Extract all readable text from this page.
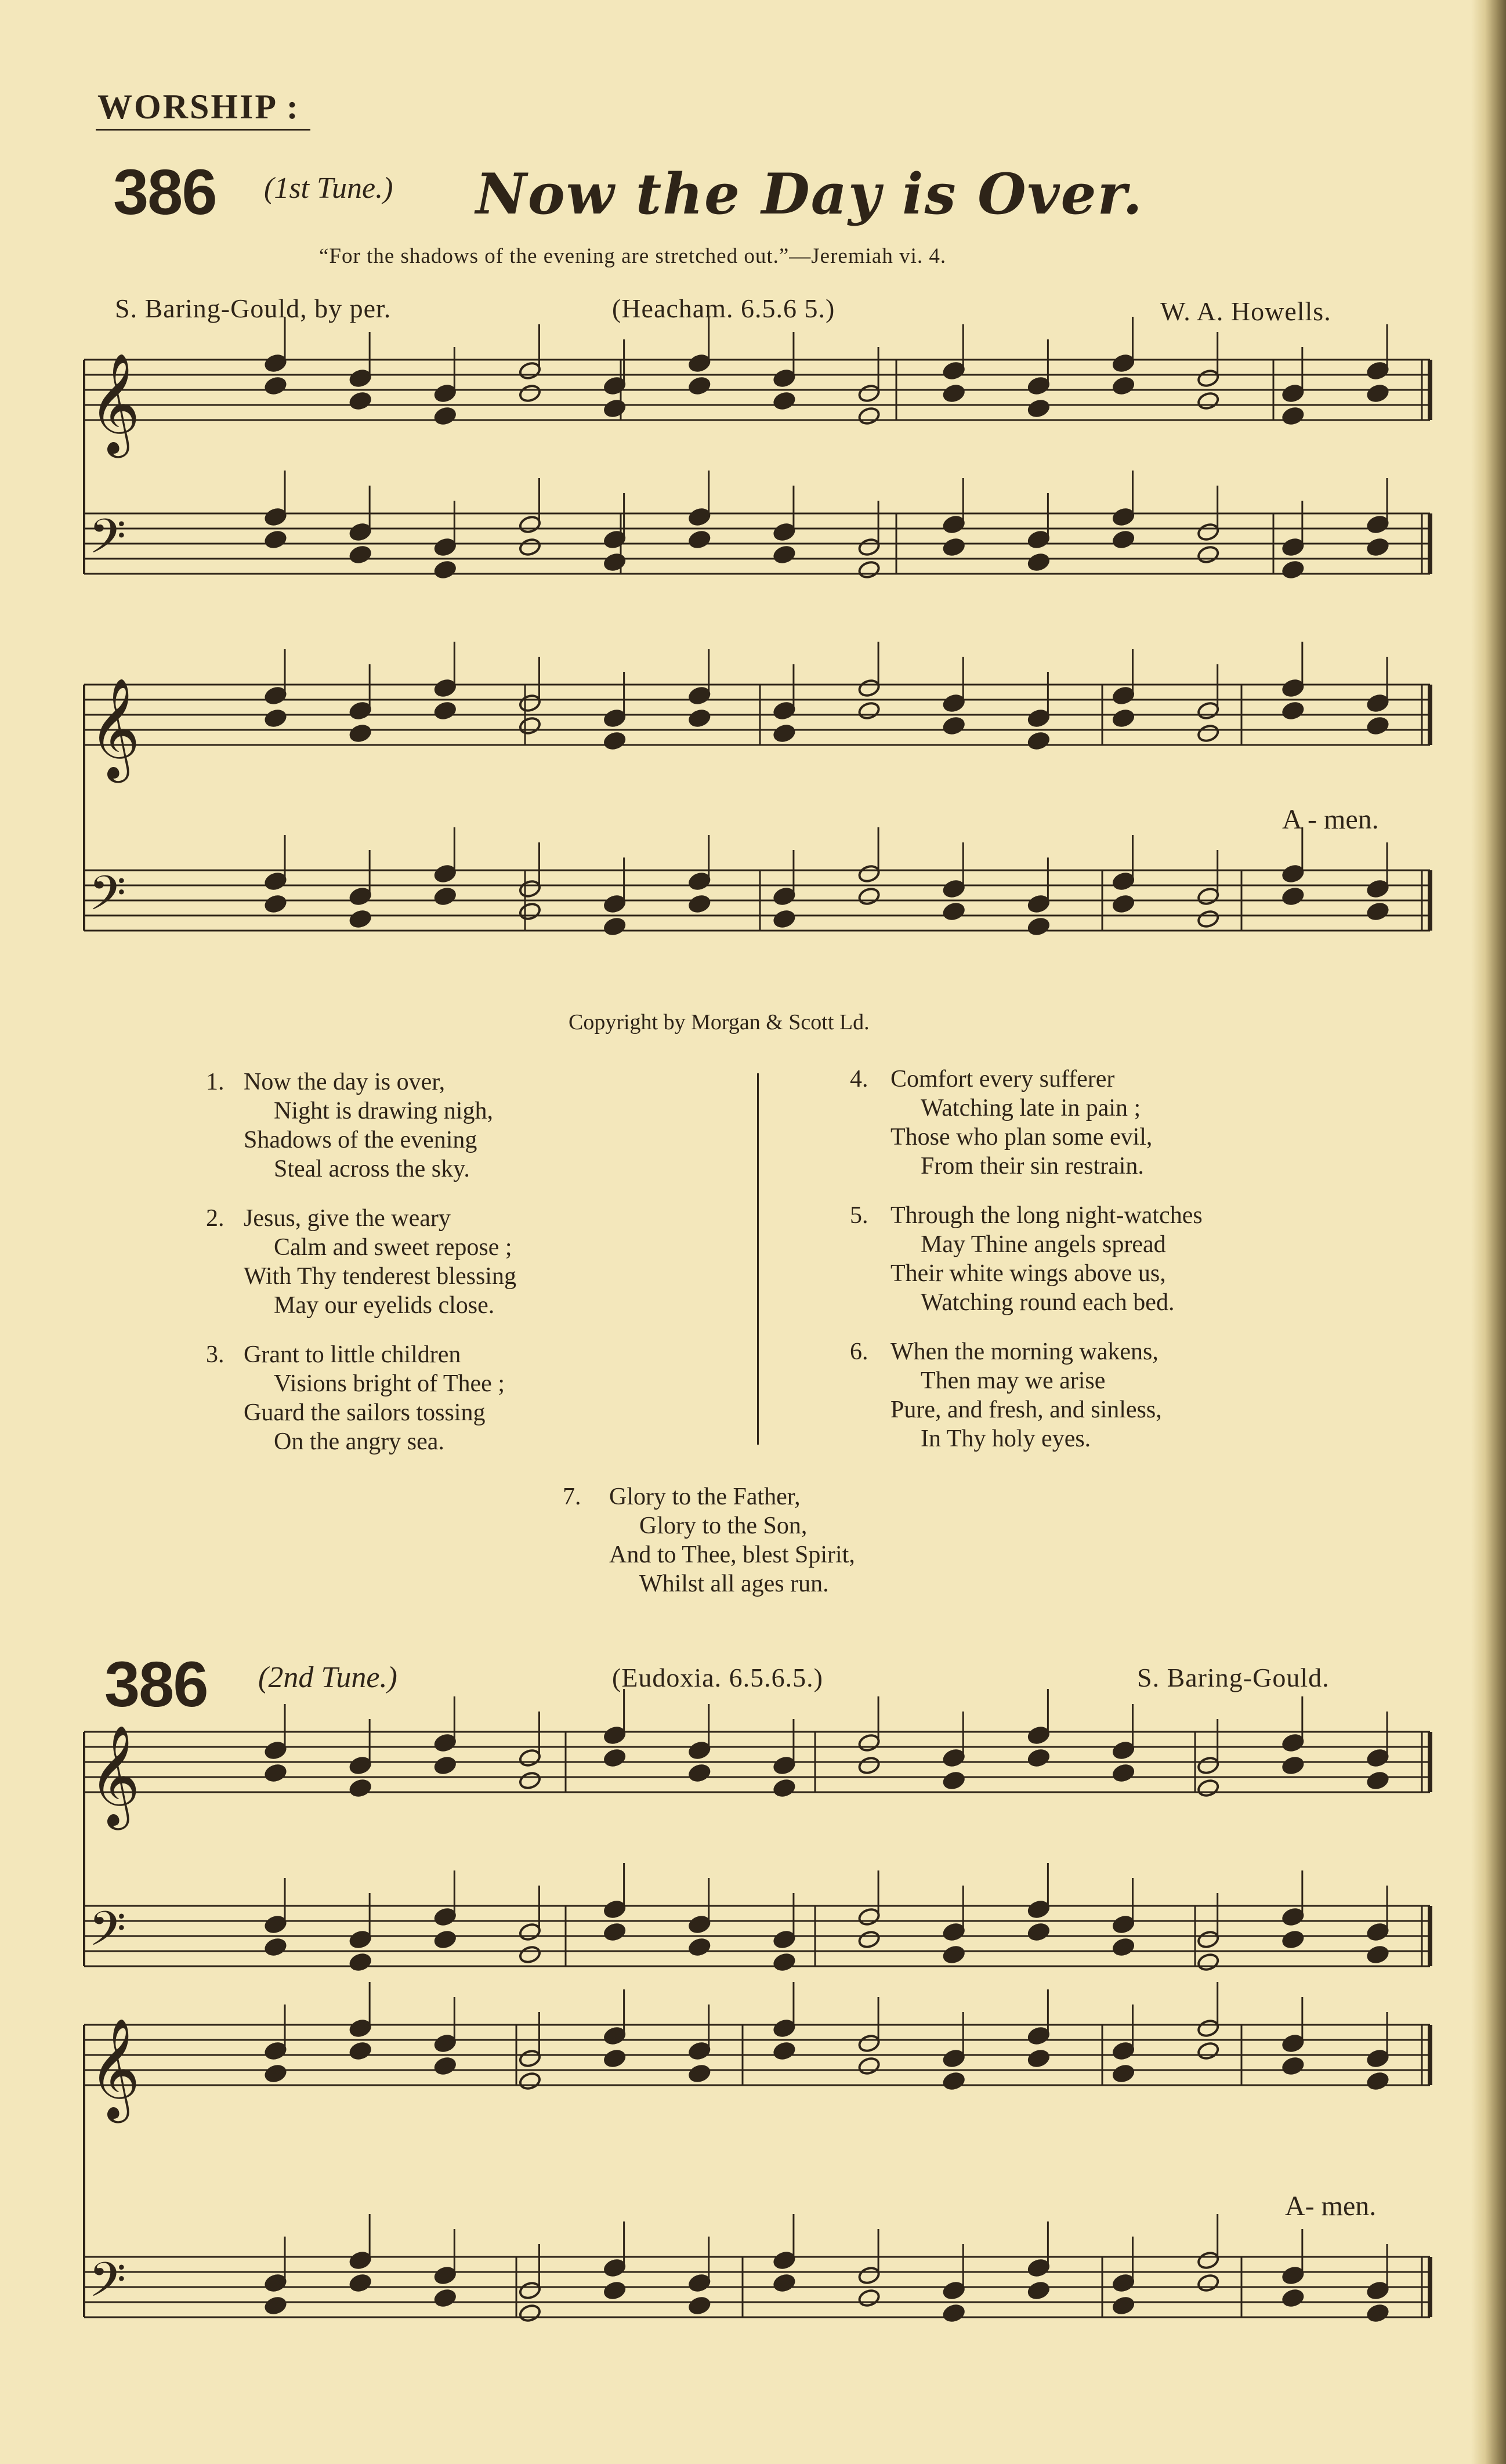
WORSHIP :
386 (1st Tune.) Now the Day is Over.
“For the shadows of the evening are stretched out.”—Jeremiah vi. 4.
S. Baring-Gould, by per.	(Heacham. 6.5.6 5.)	W. A. Howells.
𝄞
𝄢
𝄞
𝄢
𝄞
𝄢
𝄞
𝄢
A - men.
Copyright by Morgan & Scott Ld.
1. Now the day is over,
Night is drawing nigh,
Shadows of the evening
Steal across the sky.
2. Jesus, give the weary
Calm and sweet repose ;
With Thy tenderest blessing
May our eyelids close.
3. Grant to little children
Visions bright of Thee ;
Guard the sailors tossing
On the angry sea.
4. Comfort every sufferer
Watching late in pain ;
Those who plan some evil,
From their sin restrain.
5. Through the long night-watches
May Thine angels spread
Their white wings above us,
Watching round each bed.
6. When the morning wakens,
Then may we arise
Pure, and fresh, and sinless,
In Thy holy eyes.
7. Glory to the Father,
Glory to the Son,
And to Thee, blest Spirit,
Whilst all ages run.
386 (2nd Tune.)	(Eudoxia. 6.5.6.5.)	S. Baring-Gould.
A- men.
